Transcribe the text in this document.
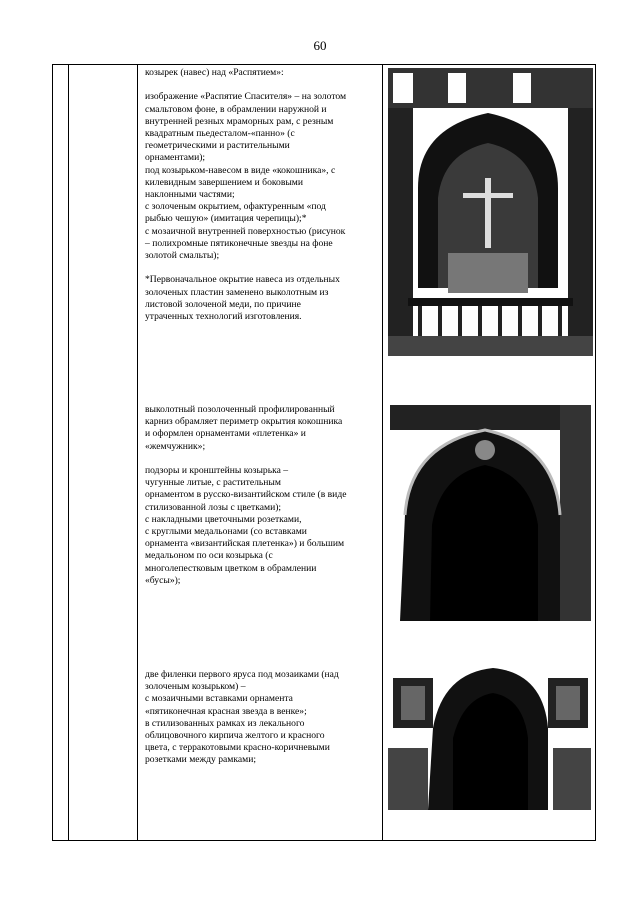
60
козырек (навес) над «Распятием»:
изображение «Распятие Спасителя» – на золотом
смальтовом фоне, в обрамлении наружной и
внутренней резных мраморных рам, с резным
квадратным пьедесталом-«панно» (с
геометрическими и растительными
орнаментами);
под козырьком-навесом в виде «кокошника», с
килевидным завершением и боковыми
наклонными частями;
с золоченым окрытием, офактуренным «под
рыбью чешую» (имитация черепицы);*
с мозаичной внутренней поверхностью (рисунок
– полихромные пятиконечные звезды на фоне
золотой смальты);
*Первоначальное окрытие навеса из отдельных
золоченых пластин заменено выколотным из
листовой золоченой меди, по причине
утраченных технологий изготовления.
выколотный позолоченный профилированный
карниз обрамляет периметр окрытия кокошника
и оформлен орнаментами «плетенка» и
«жемчужник»;
подзоры и кронштейны козырька –
чугунные литые, с растительным
орнаментом в русско-византийском стиле (в виде
стилизованной лозы с цветками);
с накладными цветочными розетками,
с круглыми медальонами (со вставками
орнамента «византийская плетенка») и большим
медальоном по оси козырька (с
многолепестковым цветком в обрамлении
«бусы»);
две филенки первого яруса под мозаиками (над
золоченым козырьком) –
с мозаичными вставками орнамента
«пятиконечная красная звезда в венке»;
в стилизованных рамках из лекального
облицовочного кирпича желтого и красного
цвета, с терракотовыми красно-коричневыми
розетками между рамками;
